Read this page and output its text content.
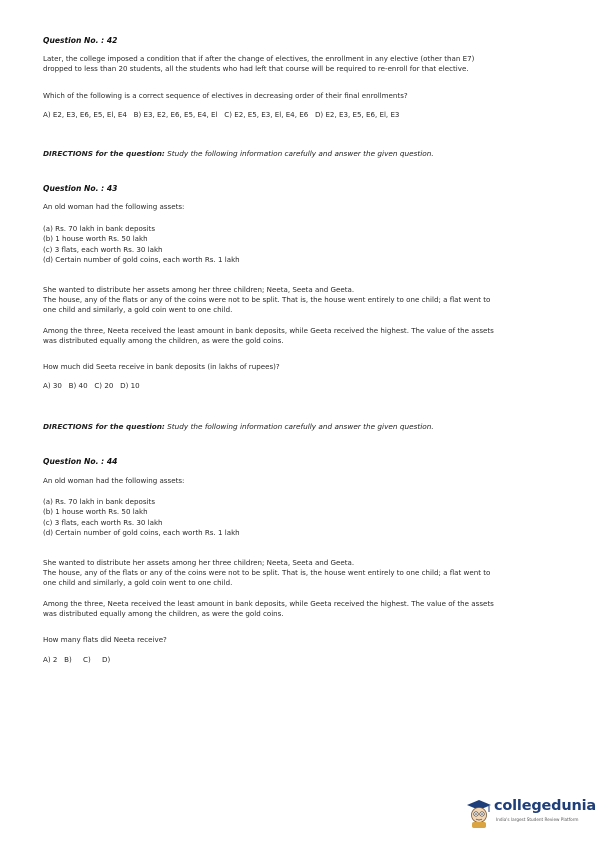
Question No. : 42
Later, the college imposed a condition that if after the change of electives, the enrollment in any elective (other than E7)
dropped to less than 20 students, all the students who had left that course will be required to re-enroll for that elective.
Which of the following is a correct sequence of electives in decreasing order of their final enrollments?
A) E2, E3, E6, E5, El, E4   B) E3, E2, E6, E5, E4, El   C) E2, E5, E3, El, E4, E6   D) E2, E3, E5, E6, El, E3
DIRECTIONS for the question: Study the following information carefully and answer the given question.
Question No. : 43
An old woman had the following assets:
(a) Rs. 70 lakh in bank deposits
(b) 1 house worth Rs. 50 lakh
(c) 3 flats, each worth Rs. 30 lakh
(d) Certain number of gold coins, each worth Rs. 1 lakh
She wanted to distribute her assets among her three children; Neeta, Seeta and Geeta.
The house, any of the flats or any of the coins were not to be split. That is, the house went entirely to one child; a flat went to
one child and similarly, a gold coin went to one child.
Among the three, Neeta received the least amount in bank deposits, while Geeta received the highest. The value of the assets
was distributed equally among the children, as were the gold coins.
How much did Seeta receive in bank deposits (in lakhs of rupees)?
A) 30   B) 40   C) 20   D) 10
DIRECTIONS for the question: Study the following information carefully and answer the given question.
Question No. : 44
An old woman had the following assets:
(a) Rs. 70 lakh in bank deposits
(b) 1 house worth Rs. 50 lakh
(c) 3 flats, each worth Rs. 30 lakh
(d) Certain number of gold coins, each worth Rs. 1 lakh
She wanted to distribute her assets among her three children; Neeta, Seeta and Geeta.
The house, any of the flats or any of the coins were not to be split. That is, the house went entirely to one child; a flat went to
one child and similarly, a gold coin went to one child.
Among the three, Neeta received the least amount in bank deposits, while Geeta received the highest. The value of the assets
was distributed equally among the children, as were the gold coins.
How many flats did Neeta receive?
A) 2   B)     C)     D)
collegedunia
India's largest Student Review Platform
